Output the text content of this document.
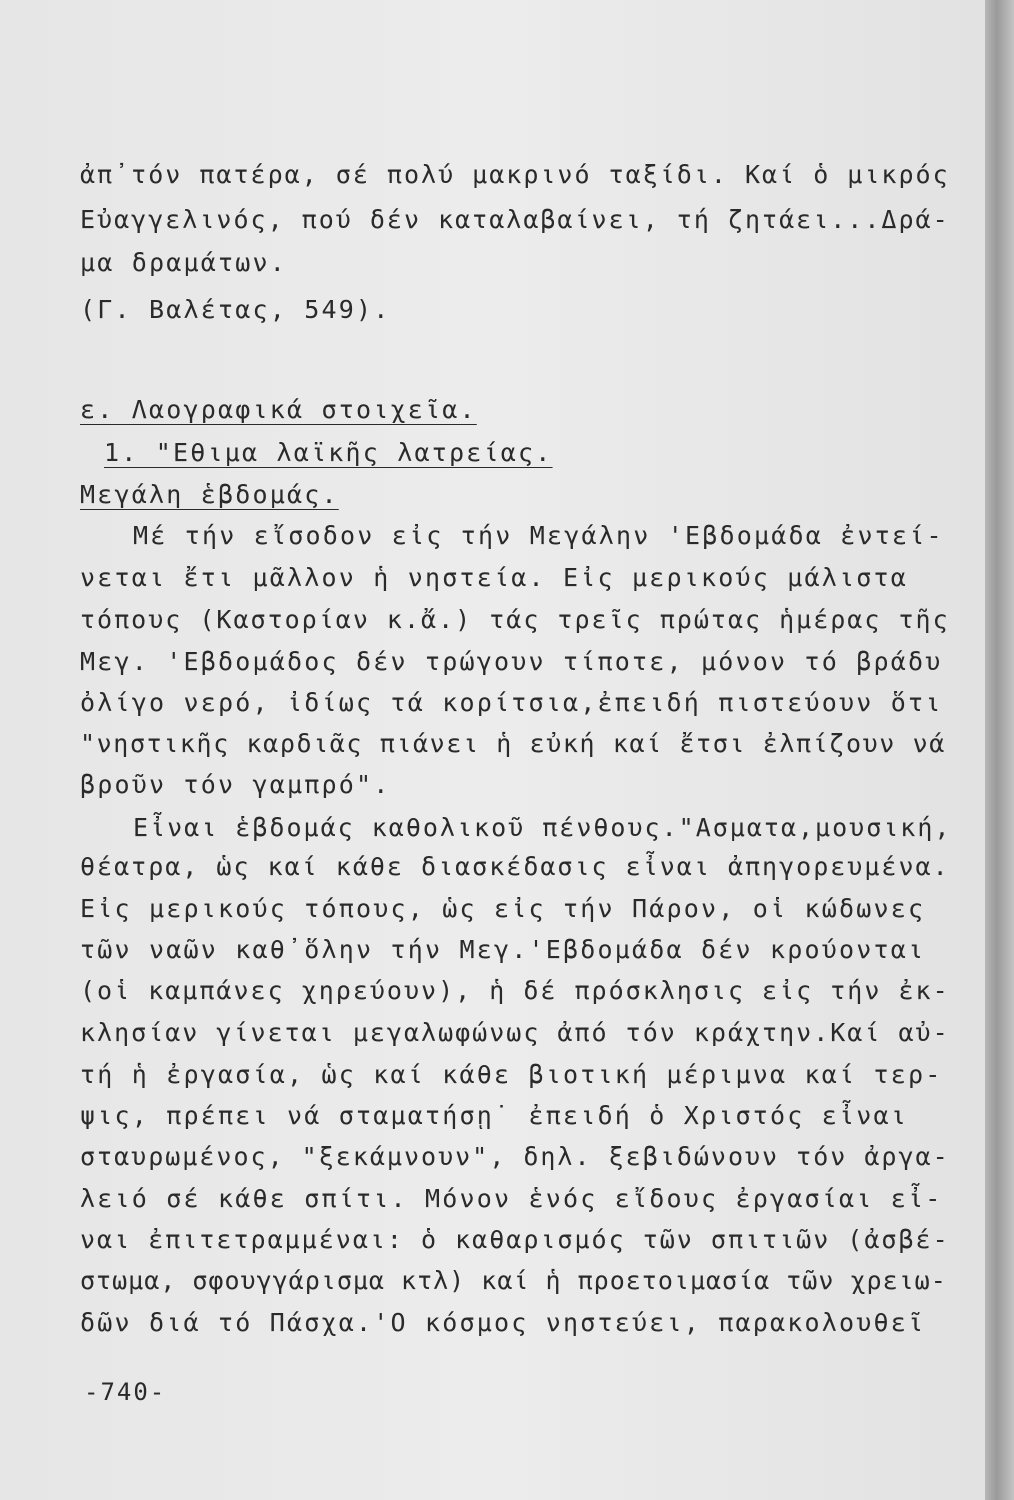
ἀπ᾽τόν πατέρα, σέ πολύ μακρινό ταξίδι. Καί ὁ μικρός
Εὐαγγελινός, πού δέν καταλαβαίνει, τή ζητάει...Δρά-
μα δραμάτων.
(Γ. Βαλέτας, 549).
ε. Λαογραφικά στοιχεῖα.
1. "Εθιμα λαϊκῆς λατρείας.
Μεγάλη ἑβδομάς.
Μέ τήν εἴσοδον εἰς τήν Μεγάλην 'Εβδομάδα ἐντεί-
νεται ἔτι μᾶλλον ἡ νηστεία. Εἰς μερικούς μάλιστα
τόπους (Καστορίαν κ.ἄ.) τάς τρεῖς πρώτας ἡμέρας τῆς
Μεγ. 'Εβδομάδος δέν τρώγουν τίποτε, μόνον τό βράδυ
ὀλίγο νερό, ἰδίως τά κορίτσια,ἐπειδή πιστεύουν ὅτι
"νηστικῆς καρδιᾶς πιάνει ἡ εὐκή καί ἔτσι ἐλπίζουν νά
βροῦν τόν γαμπρό".
Εἶναι ἑβδομάς καθολικοῦ πένθους."Ασματα,μουσική,
θέατρα, ὡς καί κάθε διασκέδασις εἶναι ἀπηγορευμένα.
Εἰς μερικούς τόπους, ὡς εἰς τήν Πάρον, οἱ κώδωνες
τῶν ναῶν καθ᾽ὅλην τήν Μεγ.'Εβδομάδα δέν κρούονται
(οἱ καμπάνες χηρεύουν), ἡ δέ πρόσκλησις εἰς τήν ἐκ-
κλησίαν γίνεται μεγαλωφώνως ἀπό τόν κράχτην.Καί αὐ-
τή ἡ ἐργασία, ὡς καί κάθε βιοτική μέριμνα καί τερ-
ψις, πρέπει νά σταματήσῃ˙ ἐπειδή ὁ Χριστός εἶναι
σταυρωμένος, "ξεκάμνουν", δηλ. ξεβιδώνουν τόν ἀργα-
λειό σέ κάθε σπίτι. Μόνον ἑνός εἴδους ἐργασίαι εἶ-
ναι ἐπιτετραμμέναι: ὁ καθαρισμός τῶν σπιτιῶν (ἀσβέ-
στωμα, σφουγγάρισμα κτλ) καί ἡ προετοιμασία τῶν χρειω-
δῶν διά τό Πάσχα.'Ο κόσμος νηστεύει, παρακολουθεῖ
-740-
